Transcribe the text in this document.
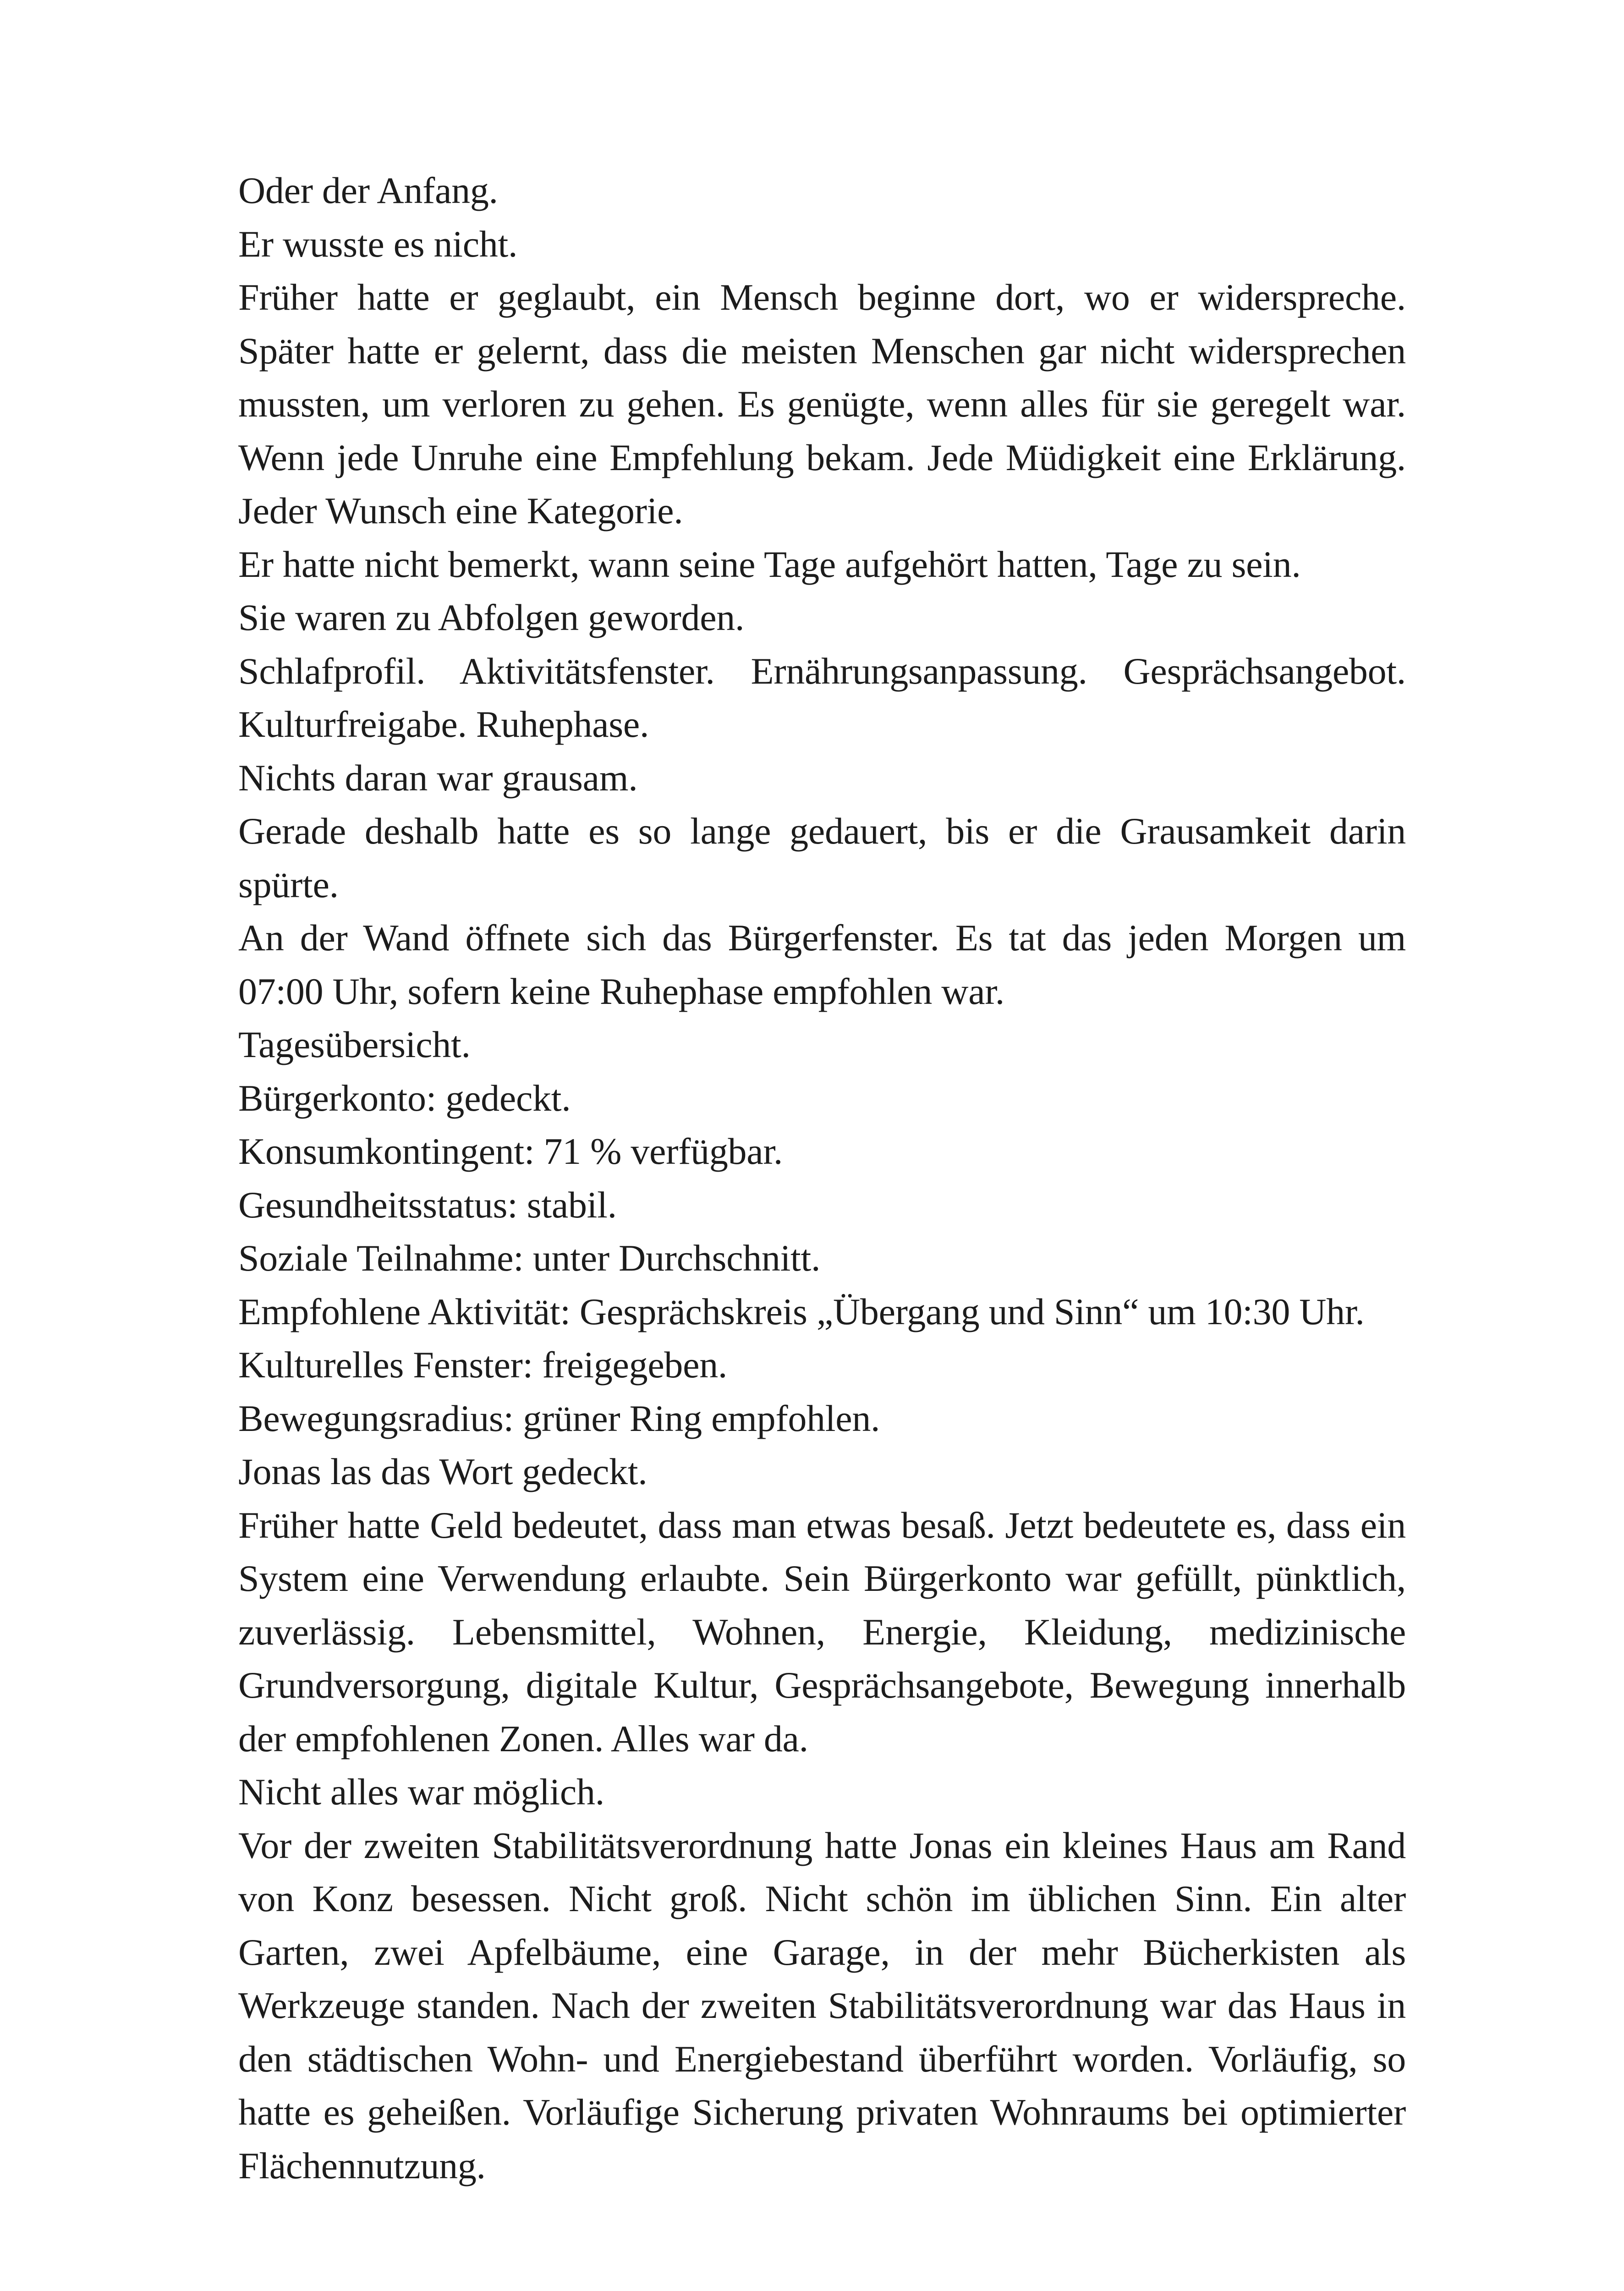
Oder der Anfang.

Er wusste es nicht.

Früher hatte er geglaubt, ein Mensch beginne dort, wo er widerspreche. Später hatte er gelernt, dass die meisten Menschen gar nicht widersprechen mussten, um verloren zu gehen. Es genügte, wenn alles für sie geregelt war. Wenn jede Unruhe eine Empfehlung bekam. Jede Müdigkeit eine Erklärung. Jeder Wunsch eine Kategorie.

Er hatte nicht bemerkt, wann seine Tage aufgehört hatten, Tage zu sein.

Sie waren zu Abfolgen geworden.

Schlafprofil. Aktivitätsfenster. Ernährungsanpassung. Gesprächsangebot. Kulturfreigabe. Ruhephase.

Nichts daran war grausam.

Gerade deshalb hatte es so lange gedauert, bis er die Grausamkeit darin spürte.

An der Wand öffnete sich das Bürgerfenster. Es tat das jeden Morgen um 07:00 Uhr, sofern keine Ruhephase empfohlen war.

Tagesübersicht.

Bürgerkonto: gedeckt.

Konsumkontingent: 71 % verfügbar.

Gesundheitsstatus: stabil.

Soziale Teilnahme: unter Durchschnitt.

Empfohlene Aktivität: Gesprächskreis „Übergang und Sinn“ um 10:30 Uhr.

Kulturelles Fenster: freigegeben.

Bewegungsradius: grüner Ring empfohlen.

Jonas las das Wort gedeckt.

Früher hatte Geld bedeutet, dass man etwas besaß. Jetzt bedeutete es, dass ein System eine Verwendung erlaubte. Sein Bürgerkonto war gefüllt, pünktlich, zuverlässig. Lebensmittel, Wohnen, Energie, Kleidung, medizinische Grundversorgung, digitale Kultur, Gesprächsangebote, Bewegung innerhalb der empfohlenen Zonen. Alles war da.

Nicht alles war möglich.

Vor der zweiten Stabilitätsverordnung hatte Jonas ein kleines Haus am Rand von Konz besessen. Nicht groß. Nicht schön im üblichen Sinn. Ein alter Garten, zwei Apfelbäume, eine Garage, in der mehr Bücherkisten als Werkzeuge standen. Nach der zweiten Stabilitätsverordnung war das Haus in den städtischen Wohn- und Energiebestand überführt worden. Vorläufig, so hatte es geheißen. Vorläufige Sicherung privaten Wohnraums bei optimierter Flächennutzung.
